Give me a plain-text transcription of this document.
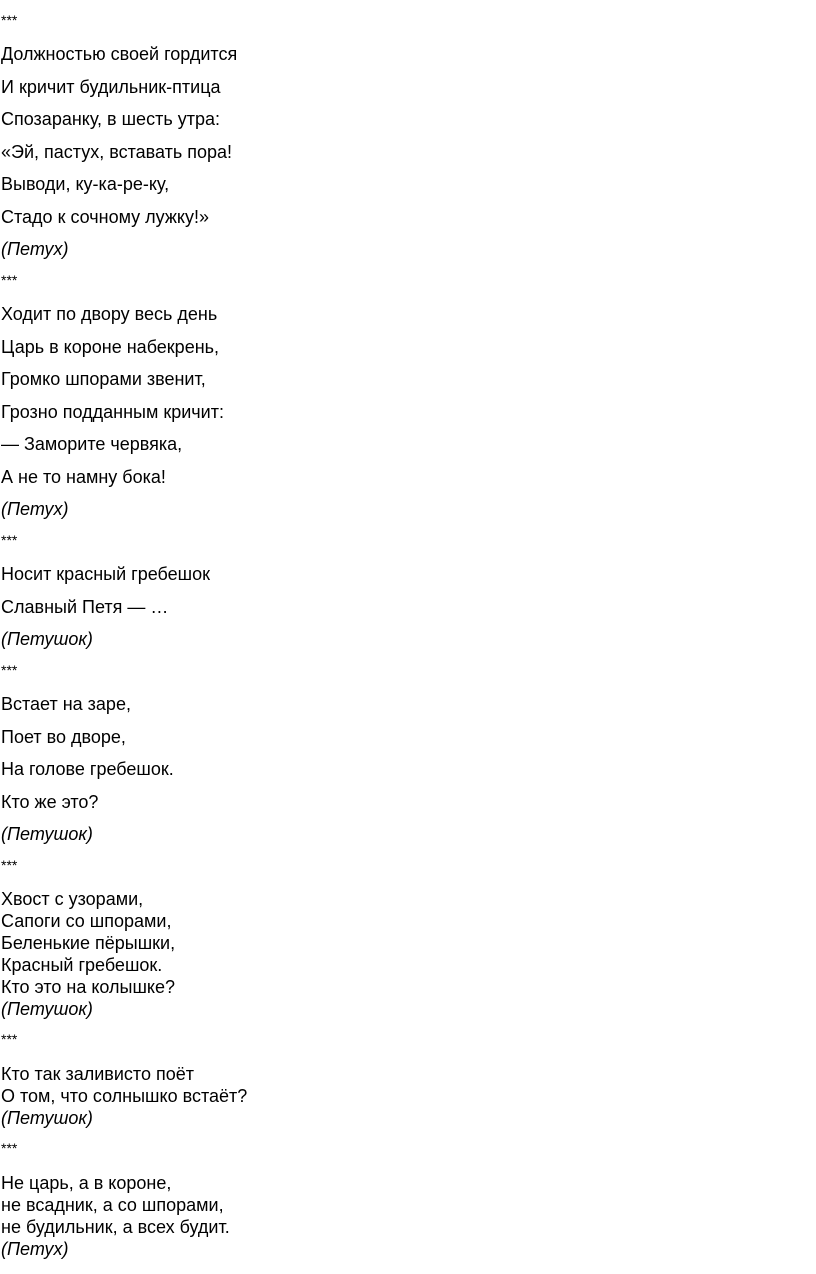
***
Должностью своей гордится
И кричит будильник-птица
Спозаранку, в шесть утра:
«Эй, пастух, вставать пора!
Выводи, ку-ка-ре-ку,
Стадо к сочному лужку!»
(Петух)
***
Ходит по двору весь день
Царь в короне набекрень,
Громко шпорами звенит,
Грозно подданным кричит:
— Заморите червяка,
А не то намну бока!
(Петух)
***
Носит красный гребешок
Славный Петя — …
(Петушок)
***
Встает на заре,
Поет во дворе,
На голове гребешок.
Кто же это?
(Петушок)
***
Хвост с узорами,
Сапоги со шпорами,
Беленькие пёрышки,
Красный гребешок.
Кто это на колышке?
(Петушок)
***
Кто так заливисто поёт
О том, что солнышко встаёт?
(Петушок)
***
Не царь, а в короне,
не всадник, а со шпорами,
не будильник, а всех будит.
(Петух)
